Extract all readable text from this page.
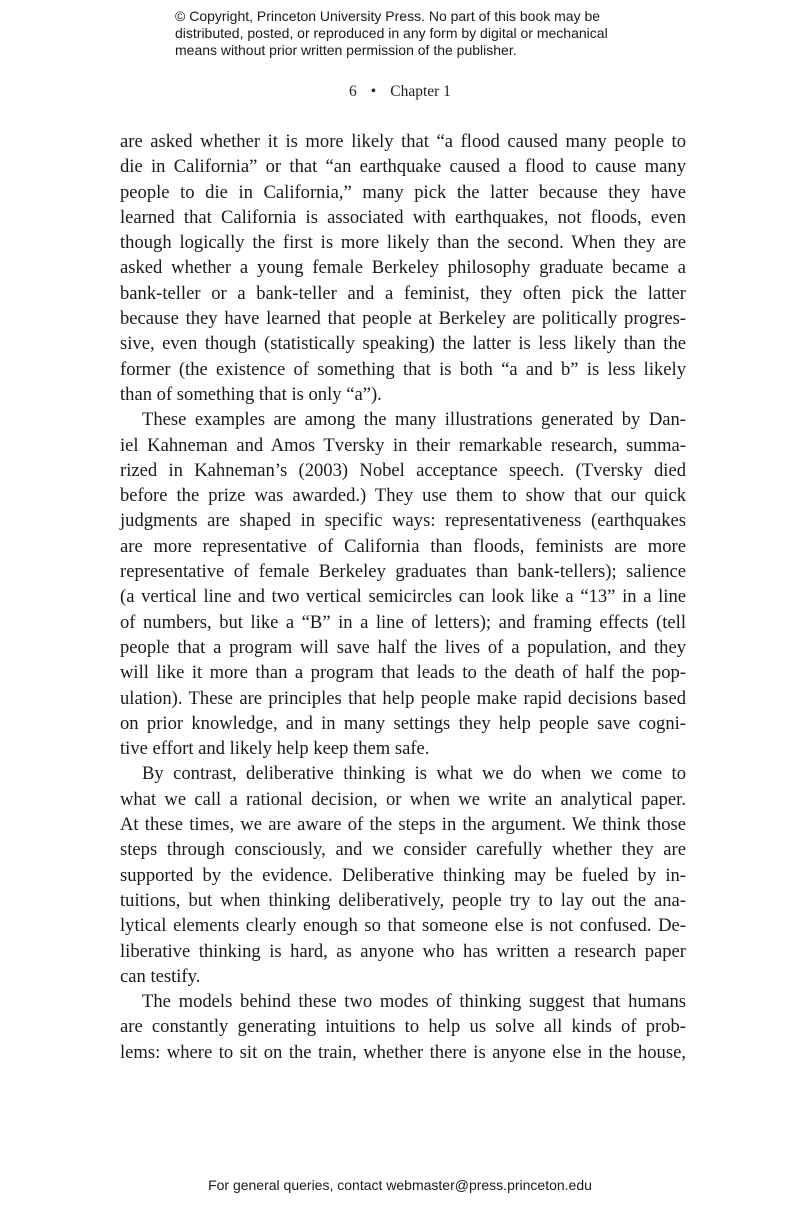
© Copyright, Princeton University Press. No part of this book may be
distributed, posted, or reproduced in any form by digital or mechanical
means without prior written permission of the publisher.
6 • Chapter 1
are asked whether it is more likely that “a flood caused many people to
die in California” or that “an earthquake caused a flood to cause many
people to die in California,” many pick the latter because they have
learned that California is associated with earthquakes, not floods, even
though logically the first is more likely than the second. When they are
asked whether a young female Berkeley philosophy graduate became a
bank-teller or a bank-teller and a feminist, they often pick the latter
because they have learned that people at Berkeley are politically progres-
sive, even though (statistically speaking) the latter is less likely than the
former (the existence of something that is both “a and b” is less likely
than of something that is only “a”).
These examples are among the many illustrations generated by Dan-
iel Kahneman and Amos Tversky in their remarkable research, summa-
rized in Kahneman’s (2003) Nobel acceptance speech. (Tversky died
before the prize was awarded.) They use them to show that our quick
judgments are shaped in specific ways: representativeness (earthquakes
are more representative of California than floods, feminists are more
representative of female Berkeley graduates than bank-tellers); salience
(a vertical line and two vertical semicircles can look like a “13” in a line
of numbers, but like a “B” in a line of letters); and framing effects (tell
people that a program will save half the lives of a population, and they
will like it more than a program that leads to the death of half the pop-
ulation). These are principles that help people make rapid decisions based
on prior knowledge, and in many settings they help people save cogni-
tive effort and likely help keep them safe.
By contrast, deliberative thinking is what we do when we come to
what we call a rational decision, or when we write an analytical paper.
At these times, we are aware of the steps in the argument. We think those
steps through consciously, and we consider carefully whether they are
supported by the evidence. Deliberative thinking may be fueled by in-
tuitions, but when thinking deliberatively, people try to lay out the ana-
lytical elements clearly enough so that someone else is not confused. De-
liberative thinking is hard, as anyone who has written a research paper
can testify.
The models behind these two modes of thinking suggest that humans
are constantly generating intuitions to help us solve all kinds of prob-
lems: where to sit on the train, whether there is anyone else in the house,
For general queries, contact webmaster@press.princeton.edu
